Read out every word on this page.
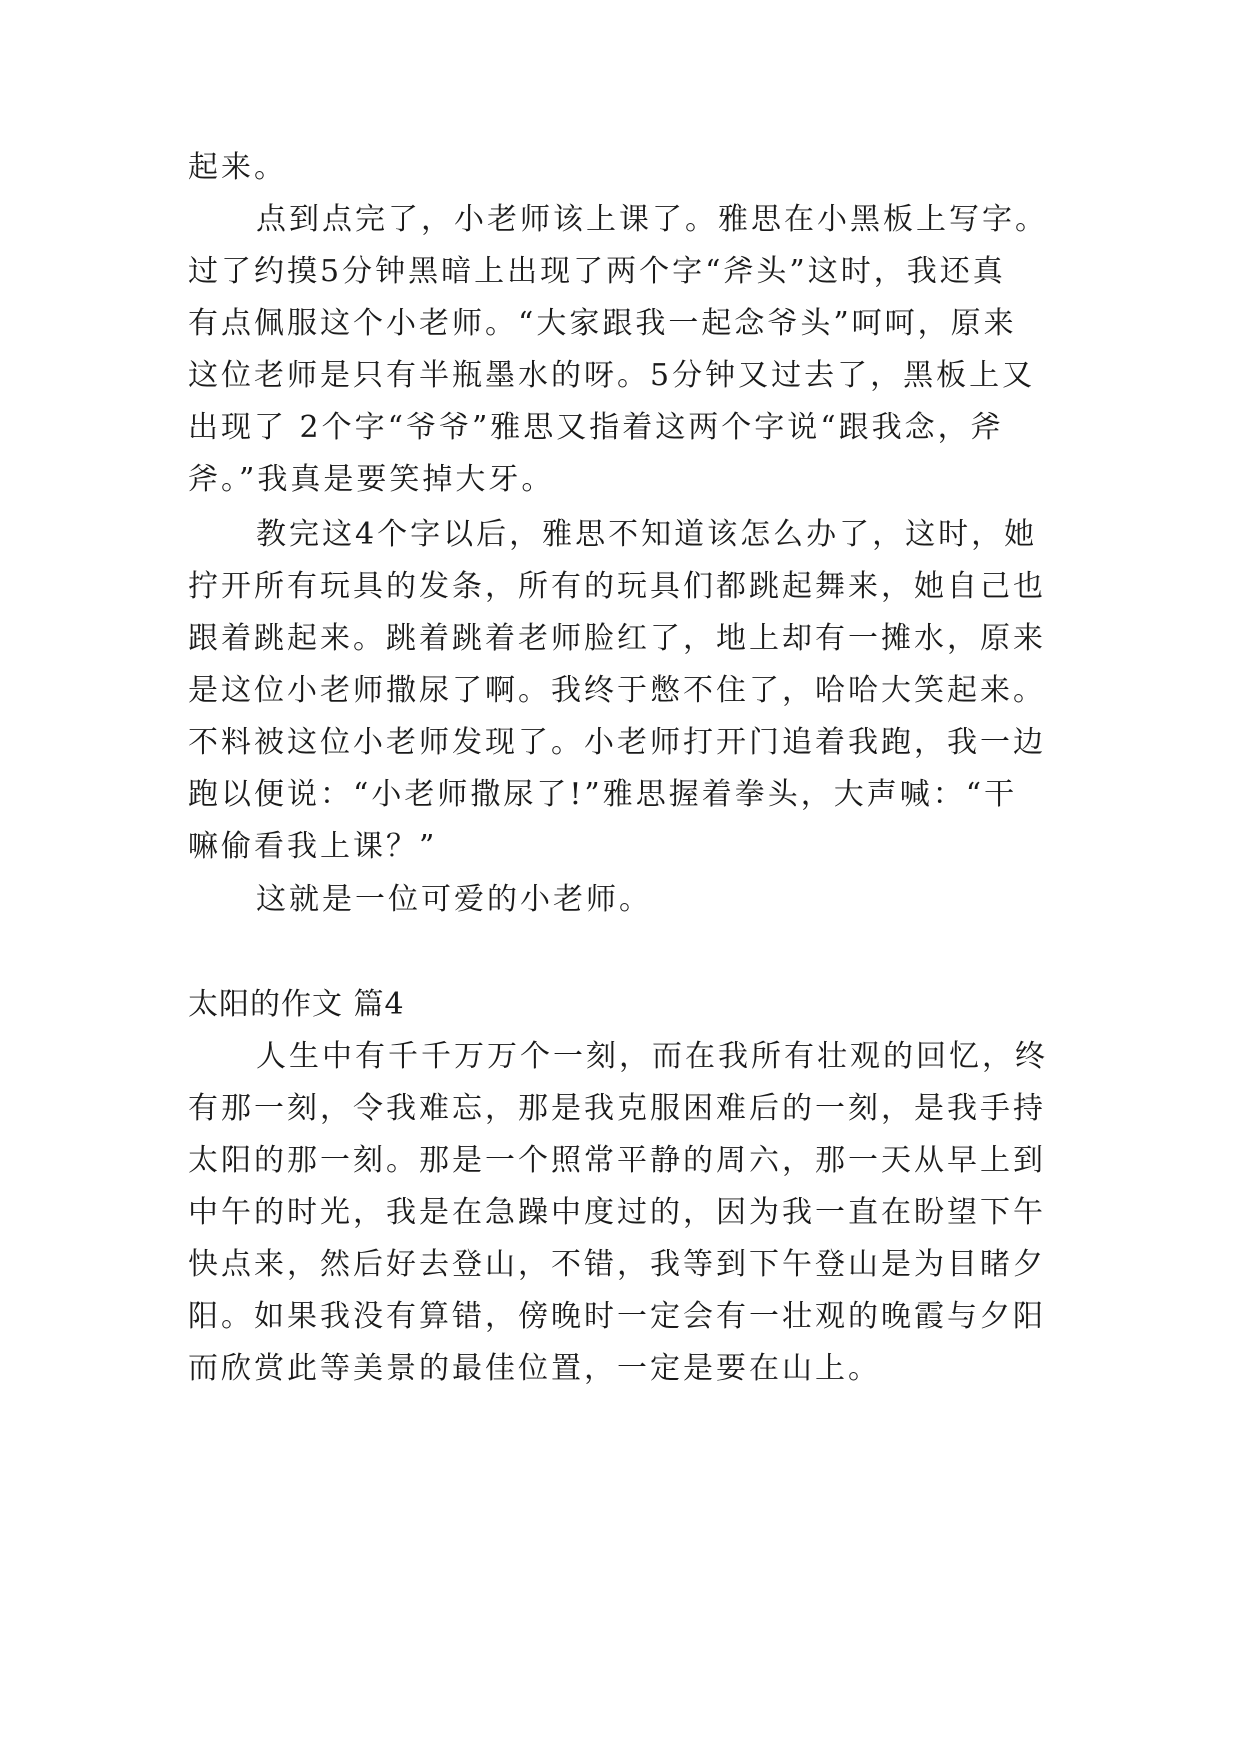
起来。
点到点完了，小老师该上课了。雅思在小黑板上写字。
过了约摸5分钟黑暗上出现了两个字“斧头”这时，我还真
有点佩服这个小老师。“大家跟我一起念爷头”呵呵，原来
这位老师是只有半瓶墨水的呀。5分钟又过去了，黑板上又
出现了 2个字“爷爷”雅思又指着这两个字说“跟我念，斧
斧。”我真是要笑掉大牙。
教完这4个字以后，雅思不知道该怎么办了，这时，她
拧开所有玩具的发条，所有的玩具们都跳起舞来，她自己也
跟着跳起来。跳着跳着老师脸红了，地上却有一摊水，原来
是这位小老师撒尿了啊。我终于憋不住了，哈哈大笑起来。
不料被这位小老师发现了。小老师打开门追着我跑，我一边
跑以便说：“小老师撒尿了!”雅思握着拳头，大声喊：“干
嘛偷看我上课？”
这就是一位可爱的小老师。
太阳的作文 篇4
人生中有千千万万个一刻，而在我所有壮观的回忆，终
有那一刻，令我难忘，那是我克服困难后的一刻，是我手持
太阳的那一刻。那是一个照常平静的周六，那一天从早上到
中午的时光，我是在急躁中度过的，因为我一直在盼望下午
快点来，然后好去登山，不错，我等到下午登山是为目睹夕
阳。如果我没有算错，傍晚时一定会有一壮观的晚霞与夕阳
而欣赏此等美景的最佳位置，一定是要在山上。
